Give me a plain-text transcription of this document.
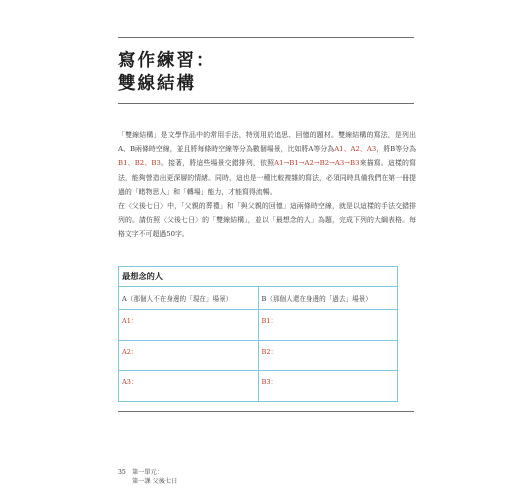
寫作練習：
雙線結構

「雙線結構」是文學作品中的常用手法，特別用於追思、回憶的題材。雙線結構的寫法，是列出A、B兩條時空線，並且將每條時空線等分為數個場景，比如將A等分為A1、A2、A3，將B等分為B1、B2、B3。接著，將這些場景交錯排列，依照A1→B1→A2→B2→A3→B3來描寫。這樣的寫法，能夠營造出更深層的情緒。同時，這也是一種比較複雜的寫法，必須同時具備我們在第一冊提過的「睹物思人」和「轉場」能力，才能寫得流暢。

在〈父後七日〉中，「父親的葬禮」和「與父親的回憶」這兩條時空線，就是以這樣的手法交錯排列的。請仿照〈父後七日〉的「雙線結構」，並以「最想念的人」為題，完成下列的大綱表格。每格文字不可超過50字。

最想念的人
A（那個人不在身邊的「現在」場景）	B（那個人還在身邊的「過去」場景）
A1：	B1：
A2：	B2：
A3：	B3：
35 第一單元：
第一課 父後七日
